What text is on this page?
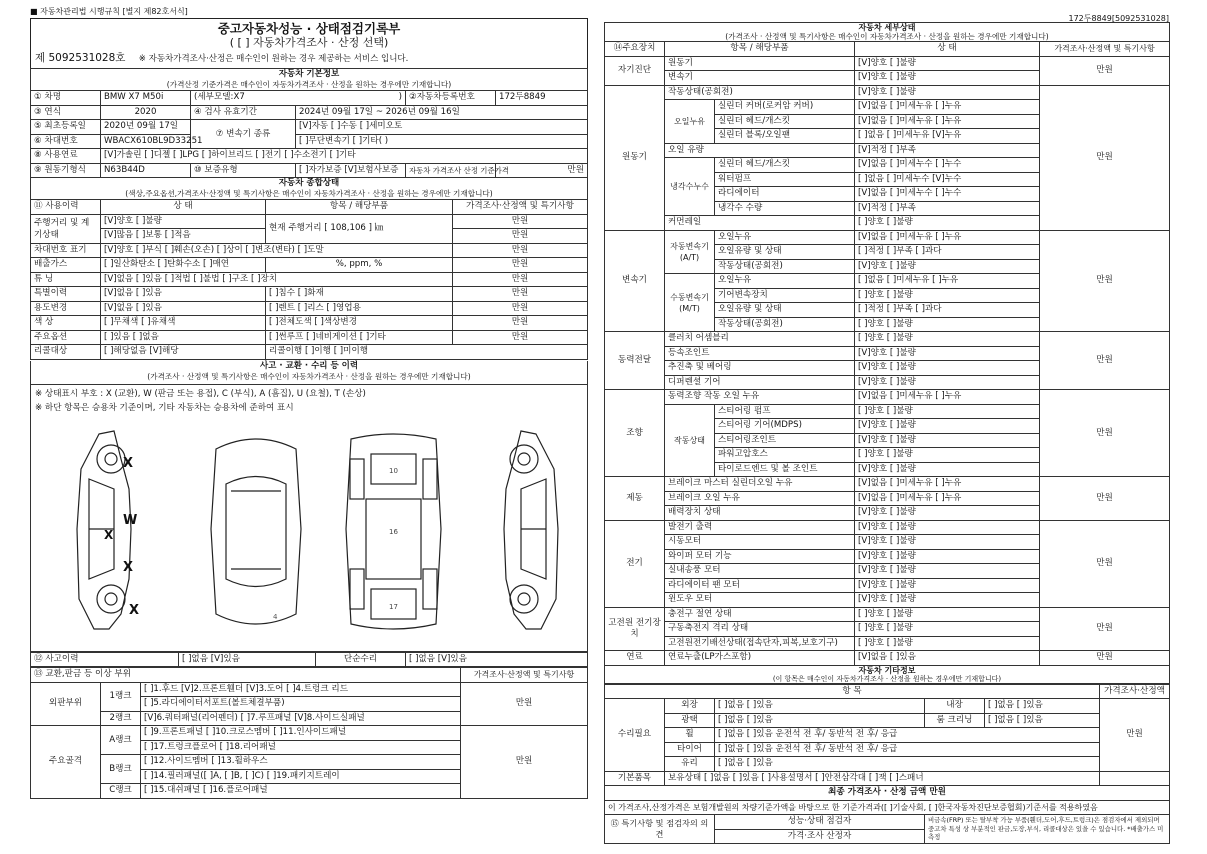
■ 자동차관리법 시행규칙 [별지 제82호서식]
172두8849[5092531028]
중고자동차성능 · 상태점검기록부
( [ ] 자동차가격조사 · 산정 선택)
제 5092531028호 ※ 자동차가격조사·산정은 매수인이 원하는 경우 제공하는 서비스 입니다.
자동차 기본정보
(가격산정 기준가격은 매수인이 자동차가격조사 · 산정을 원하는 경우에만 기재합니다)
① 차명	BMW X7 M50i	(세부모델:X7	)	②자동차등록번호	172두8849
③ 연식	2020	④ 검사 유효기간	2024년 09월 17일 ~ 2026년 09월 16일		
⑤ 최초등록일	2020년 09월 17일	⑦ 변속기 종류	[V]자동 [ ]수동 [ ]세미오토		
⑥ 차대번호	WBACX610BL9D33251		[ ]무단변속기 [ ]기타( )		
⑧ 사용연료	[V]가솔린 [ ]디젤 [ ]LPG [ ]하이브리드 [ ]전기 [ ]수소전기 [ ]기타				
⑨ 원동기형식	N63B44D	⑩ 보증유형	[ ]자가보증 [V]보험사보증	자동차 가격조사 산정 기준가격	만원
자동차 종합상태
(색상,주요옵션,가격조사·산정액 및 특기사항은 매수인이 자동차가격조사 · 산정을 원하는 경우에만 기재합니다)
⑪ 사용이력	상 태	항목 / 해당부품	가격조사·산정액 및 특기사항
주행거리 및 계기상태	[V]양호 [ ]불량	현재 주행거리 [ 108,106 ] ㎞	만원
	[V]많음 [ ]보통 [ ]적음		만원
차대번호 표기	[V]양호 [ ]부식 [ ]훼손(오손) [ ]상이 [ ]변조(변타) [ ]도말		만원
배출가스	[ ]일산화탄소 [ ]탄화수소 [ ]매연	%, ppm, %	만원
튜 닝	[V]없음 [ ]있음 [ ]적법 [ ]불법 [ ]구조 [ ]장치		만원
특별이력	[V]없음 [ ]있음	[ ]침수 [ ]화재	만원
용도변경	[V]없음 [ ]있음	[ ]렌트 [ ]리스 [ ]영업용	만원
색 상	[ ]무채색 [ ]유채색	[ ]전체도색 [ ]색상변경	만원
주요옵션	[ ]있음 [ ]없음	[ ]썬루프 [ ]네비게이션 [ ]기타	만원
리콜대상	[ ]해당없음 [V]해당	리콜이행 [ ]이행 [ ]미이행	
사고 · 교환 · 수리 등 이력
(가격조사 · 산정액 및 특기사항은 매수인이 자동차가격조사 · 산정을 원하는 경우에만 기재합니다)
※ 상태표시 부호 : X (교환), W (판금 또는 용접), C (부식), A (흠집), U (요철), T (손상)
※ 하단 항목은 승용차 기준이며, 기타 자동차는 승용차에 준하여 표시
X
W
X
X
X
4
16
17
10
⑫ 사고이력	[ ]없음 [V]있음	단순수리	[ ]없음 [V]있음
⑬ 교환,판금 등 이상 부위			가격조사·산정액 및 특기사항
외판부위	1랭크	[ ]1.후드 [V]2.프론트휀더 [V]3.도어 [ ]4.트렁크 리드	만원
		[ ]5.라디에이터서포트(볼트체결부품)	
	2랭크	[V]6.쿼터패널(리어펜더) [ ]7.루프패널 [V]8.사이드실패널	
주요골격	A랭크	[ ]9.프론트패널 [ ]10.크로스멤버 [ ]11.인사이드패널	만원
		[ ]17.트렁크플로어 [ ]18.리어패널	
	B랭크	[ ]12.사이드멤버 [ ]13.휠하우스	
		[ ]14.필러패널([ ]A, [ ]B, [ ]C) [ ]19.패키지트레이	
	C랭크	[ ]15.대쉬패널 [ ]16.플로어패널	
자동차 세부상태
(가격조사 · 산정액 및 특기사항은 매수인이 자동차가격조사 · 산정을 원하는 경우에만 기재합니다)
⑭주요장치	항목 / 해당부품		상 태	가격조사·산정액 및 특기사항
자기진단	원동기		[V]양호 [ ]불량	만원
	변속기		[V]양호 [ ]불량	
원동기	작동상태(공회전)		[V]양호 [ ]불량	만원
	오일누유	실린더 커버(로커암 커버)	[V]없음 [ ]미세누유 [ ]누유	
		실린더 헤드/개스킷	[V]없음 [ ]미세누유 [ ]누유	
		실린더 블록/오일팬	[ ]없음 [ ]미세누유 [V]누유	
	오일 유량		[V]적정 [ ]부족	
	냉각수누수	실린더 헤드/개스킷	[V]없음 [ ]미세누수 [ ]누수	
		워터펌프	[ ]없음 [ ]미세누수 [V]누수	
		라디에이터	[V]없음 [ ]미세누수 [ ]누수	
		냉각수 수량	[V]적정 [ ]부족	
	커먼레일		[ ]양호 [ ]불량	
변속기	자동변속기(A/T)	오일누유	[V]없음 [ ]미세누유 [ ]누유	만원
		오일유량 및 상태	[ ]적정 [ ]부족 [ ]과다	
		작동상태(공회전)	[V]양호 [ ]불량	
	수동변속기(M/T)	오일누유	[ ]없음 [ ]미세누유 [ ]누유	
		기어변속장치	[ ]양호 [ ]불량	
		오일유량 및 상태	[ ]적정 [ ]부족 [ ]과다	
		작동상태(공회전)	[ ]양호 [ ]불량	
동력전달	클러치 어셈블리		[ ]양호 [ ]불량	만원
	등속조인트		[V]양호 [ ]불량	
	추진축 및 베어링		[V]양호 [ ]불량	
	디퍼렌셜 기어		[V]양호 [ ]불량	
조향	동력조향 작동 오일 누유		[V]없음 [ ]미세누유 [ ]누유	만원
	작동상태	스티어링 펌프	[ ]양호 [ ]불량	
		스티어링 기어(MDPS)	[V]양호 [ ]불량	
		스티어링조인트	[V]양호 [ ]불량	
		파워고압호스	[ ]양호 [ ]불량	
		타이로드엔드 및 볼 조인트	[V]양호 [ ]불량	
제동	브레이크 마스터 실린더오일 누유		[V]없음 [ ]미세누유 [ ]누유	만원
	브레이크 오일 누유		[V]없음 [ ]미세누유 [ ]누유	
	배력장치 상태		[V]양호 [ ]불량	
전기	발전기 출력		[V]양호 [ ]불량	만원
	시동모터		[V]양호 [ ]불량	
	와이퍼 모터 기능		[V]양호 [ ]불량	
	실내송풍 모터		[V]양호 [ ]불량	
	라디에이터 팬 모터		[V]양호 [ ]불량	
	윈도우 모터		[V]양호 [ ]불량	
고전원 전기장치	충전구 절연 상태		[ ]양호 [ ]불량	만원
	구동축전지 격리 상태		[ ]양호 [ ]불량	
	고전원전기배선상태(접속단자,피복,보호기구)		[ ]양호 [ ]불량	
연료	연료누출(LP가스포함)		[V]없음 [ ]있음	만원
자동차 기타정보
(이 항목은 매수인이 자동차가격조사 · 산정을 원하는 경우에만 기재합니다)
항 목					가격조사·산정액
수리필요	외장	[ ]없음 [ ]있음	내장	[ ]없음 [ ]있음	만원
	광택	[ ]없음 [ ]있음	룸 크리닝	[ ]없음 [ ]있음	
	휠	[ ]없음 [ ]있음 운전석 전 후/ 동반석 전 후/ 응급			
	타이어	[ ]없음 [ ]있음 운전석 전 후/ 동반석 전 후/ 응급			
	유리	[ ]없음 [ ]있음			
기본품목	보유상태 [ ]없음 [ ]있음 [ ]사용설명서 [ ]안전삼각대 [ ]잭 [ ]스패너				
최종 가격조사 · 산정 금액 만원					
이 가격조사,산정가격은 보험개발원의 차량기준가액을 바탕으로 한 기준가격과([ ]기술사회, [ ]한국자동차진단보증협회)기준서를 적용하였음					
⑮ 특기사항 및 점검자의 의견		성능·상태 점검자	비금속(FRP) 또는 탈부착 가능 부품(휀더,도어,후드,트렁크)은 점검자에서 제외되며 중고차 특성 상 부분적인 판금,도장,부식, 리콜대상은 있을 수 있습니다. *배출가스 미측정		
		가격·조사 산정자			
